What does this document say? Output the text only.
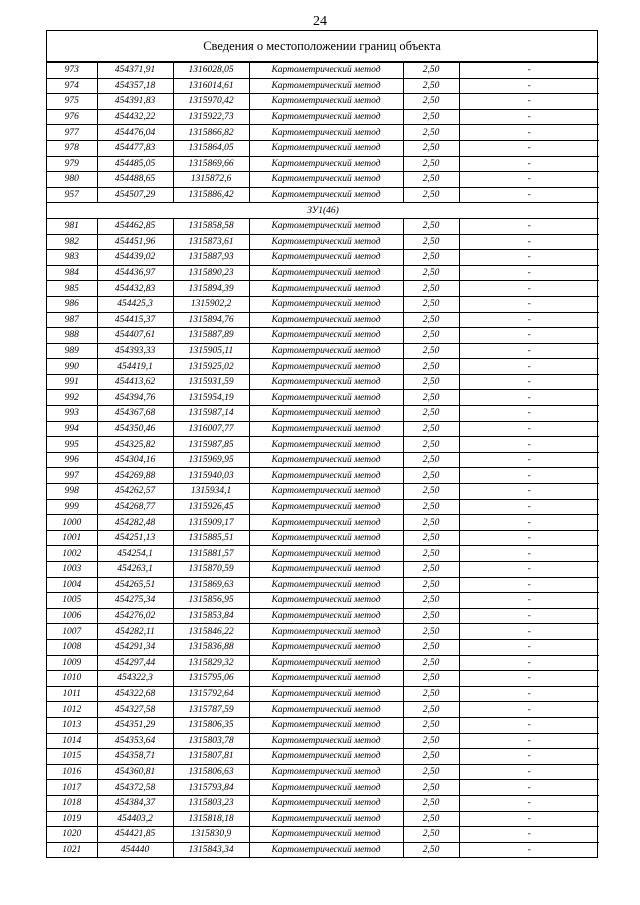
24
Сведения о местоположении границ объекта
973	454371,91	1316028,05	Картометрический метод	2,50	-
974	454357,18	1316014,61	Картометрический метод	2,50	-
975	454391,83	1315970,42	Картометрический метод	2,50	-
976	454432,22	1315922,73	Картометрический метод	2,50	-
977	454476,04	1315866,82	Картометрический метод	2,50	-
978	454477,83	1315864,05	Картометрический метод	2,50	-
979	454485,05	1315869,66	Картометрический метод	2,50	-
980	454488,65	1315872,6	Картометрический метод	2,50	-
957	454507,29	1315886,42	Картометрический метод	2,50	-
ЗУ1(46)					
981	454462,85	1315858,58	Картометрический метод	2,50	-
982	454451,96	1315873,61	Картометрический метод	2,50	-
983	454439,02	1315887,93	Картометрический метод	2,50	-
984	454436,97	1315890,23	Картометрический метод	2,50	-
985	454432,83	1315894,39	Картометрический метод	2,50	-
986	454425,3	1315902,2	Картометрический метод	2,50	-
987	454415,37	1315894,76	Картометрический метод	2,50	-
988	454407,61	1315887,89	Картометрический метод	2,50	-
989	454393,33	1315905,11	Картометрический метод	2,50	-
990	454419,1	1315925,02	Картометрический метод	2,50	-
991	454413,62	1315931,59	Картометрический метод	2,50	-
992	454394,76	1315954,19	Картометрический метод	2,50	-
993	454367,68	1315987,14	Картометрический метод	2,50	-
994	454350,46	1316007,77	Картометрический метод	2,50	-
995	454325,82	1315987,85	Картометрический метод	2,50	-
996	454304,16	1315969,95	Картометрический метод	2,50	-
997	454269,88	1315940,03	Картометрический метод	2,50	-
998	454262,57	1315934,1	Картометрический метод	2,50	-
999	454268,77	1315926,45	Картометрический метод	2,50	-
1000	454282,48	1315909,17	Картометрический метод	2,50	-
1001	454251,13	1315885,51	Картометрический метод	2,50	-
1002	454254,1	1315881,57	Картометрический метод	2,50	-
1003	454263,1	1315870,59	Картометрический метод	2,50	-
1004	454265,51	1315869,63	Картометрический метод	2,50	-
1005	454275,34	1315856,95	Картометрический метод	2,50	-
1006	454276,02	1315853,84	Картометрический метод	2,50	-
1007	454282,11	1315846,22	Картометрический метод	2,50	-
1008	454291,34	1315836,88	Картометрический метод	2,50	-
1009	454297,44	1315829,32	Картометрический метод	2,50	-
1010	454322,3	1315795,06	Картометрический метод	2,50	-
1011	454322,68	1315792,64	Картометрический метод	2,50	-
1012	454327,58	1315787,59	Картометрический метод	2,50	-
1013	454351,29	1315806,35	Картометрический метод	2,50	-
1014	454353,64	1315803,78	Картометрический метод	2,50	-
1015	454358,71	1315807,81	Картометрический метод	2,50	-
1016	454360,81	1315806,63	Картометрический метод	2,50	-
1017	454372,58	1315793,84	Картометрический метод	2,50	-
1018	454384,37	1315803,23	Картометрический метод	2,50	-
1019	454403,2	1315818,18	Картометрический метод	2,50	-
1020	454421,85	1315830,9	Картометрический метод	2,50	-
1021	454440	1315843,34	Картометрический метод	2,50	-
